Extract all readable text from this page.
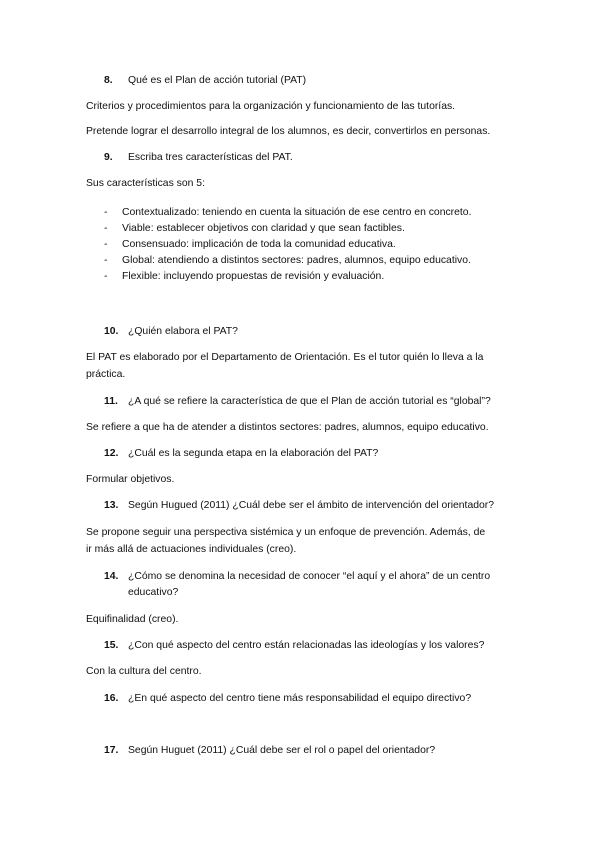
8. Qué es el Plan de acción tutorial (PAT)
Criterios y procedimientos para la organización y funcionamiento de las tutorías.
Pretende lograr el desarrollo integral de los alumnos, es decir, convertirlos en personas.
9. Escriba tres características del PAT.
Sus características son 5:
- Contextualizado: teniendo en cuenta la situación de ese centro en concreto.
- Viable: establecer objetivos con claridad y que sean factibles.
- Consensuado: implicación de toda la comunidad educativa.
- Global: atendiendo a distintos sectores: padres, alumnos, equipo educativo.
- Flexible: incluyendo propuestas de revisión y evaluación.
10. ¿Quién elabora el PAT?
El PAT es elaborado por el Departamento de Orientación. Es el tutor quién lo lleva a la
práctica.
11. ¿A qué se refiere la característica de que el Plan de acción tutorial es “global”?
Se refiere a que ha de atender a distintos sectores: padres, alumnos, equipo educativo.
12. ¿Cuál es la segunda etapa en la elaboración del PAT?
Formular objetivos.
13. Según Hugued (2011) ¿Cuál debe ser el ámbito de intervención del orientador?
Se propone seguir una perspectiva sistémica y un enfoque de prevención. Además, de
ir más allá de actuaciones individuales (creo).
14. ¿Cómo se denomina la necesidad de conocer “el aquí y el ahora” de un centro
educativo?
Equifinalidad (creo).
15. ¿Con qué aspecto del centro están relacionadas las ideologías y los valores?
Con la cultura del centro.
16. ¿En qué aspecto del centro tiene más responsabilidad el equipo directivo?
17. Según Huguet (2011) ¿Cuál debe ser el rol o papel del orientador?
